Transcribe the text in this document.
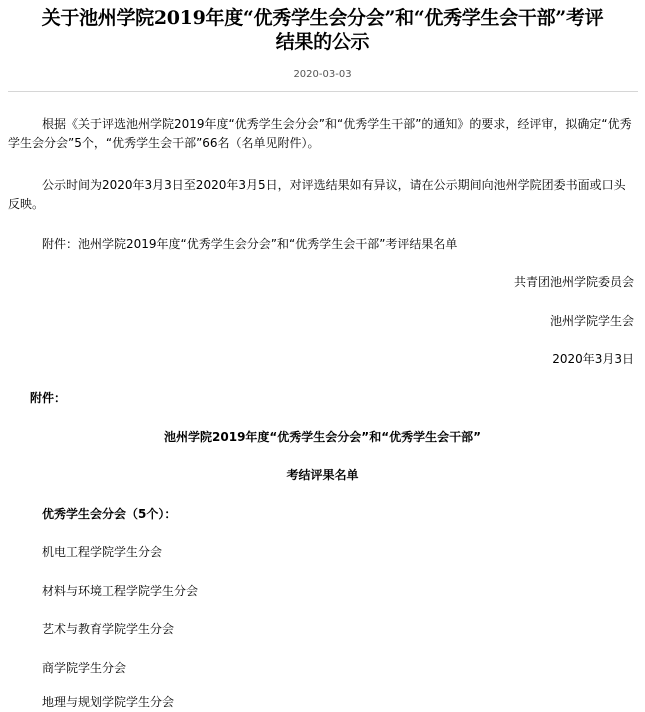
关于池州学院2019年度“优秀学生会分会”和“优秀学生会干部”考评
结果的公示
2020-03-03

根据《关于评选池州学院2019年度“优秀学生会分会”和“优秀学生干部”的通知》的要求，经评审，拟确定“优秀学生会分会”5个，“优秀学生会干部”66名（名单见附件）。

公示时间为2020年3月3日至2020年3月5日，对评选结果如有异议，请在公示期间向池州学院团委书面或口头反映。

附件：池州学院2019年度“优秀学生会分会”和“优秀学生会干部”考评结果名单

共青团池州学院委员会

池州学院学生会

2020年3月3日

附件：

池州学院2019年度“优秀学生会分会”和“优秀学生会干部”

考结评果名单

优秀学生会分会（5个）：

机电工程学院学生分会

材料与环境工程学院学生分会

艺术与教育学院学生分会

商学院学生分会

地理与规划学院学生分会
